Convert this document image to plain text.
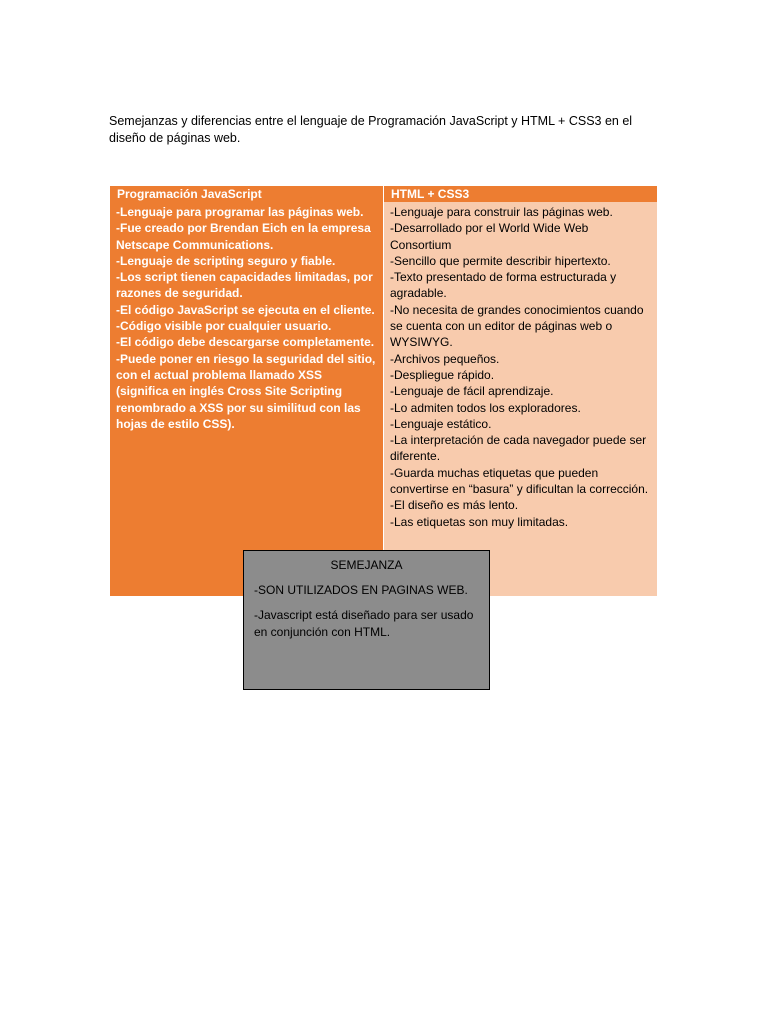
Semejanzas y diferencias entre el lenguaje de Programación JavaScript y HTML + CSS3 en el diseño de páginas web.
Programación JavaScript

-Lenguaje para programar las páginas web.

-Fue creado por Brendan Eich en la empresa Netscape Communications.

-Lenguaje de scripting seguro y fiable.

-Los script tienen capacidades limitadas, por razones de seguridad.

-El código JavaScript se ejecuta en el cliente.

-Código visible por cualquier usuario.

-El código debe descargarse completamente.

-Puede poner en riesgo la seguridad del sitio, con el actual problema llamado XSS (significa en inglés Cross Site Scripting renombrado a XSS por su similitud con las hojas de estilo CSS).

HTML + CSS3

-Lenguaje para construir las páginas web.

-Desarrollado por el World Wide Web Consortium

-Sencillo que permite describir hipertexto.

-Texto presentado de forma estructurada y agradable.

-No necesita de grandes conocimientos cuando se cuenta con un editor de páginas web o WYSIWYG.

-Archivos pequeños.

-Despliegue rápido.

-Lenguaje de fácil aprendizaje.

-Lo admiten todos los exploradores.

-Lenguaje estático.

-La interpretación de cada navegador puede ser diferente.

-Guarda muchas etiquetas que pueden convertirse en “basura” y dificultan la corrección.

-El diseño es más lento.

-Las etiquetas son muy limitadas.

SEMEJANZA

-SON UTILIZADOS EN PAGINAS WEB.

-Javascript está diseñado para ser usado en conjunción con HTML.
